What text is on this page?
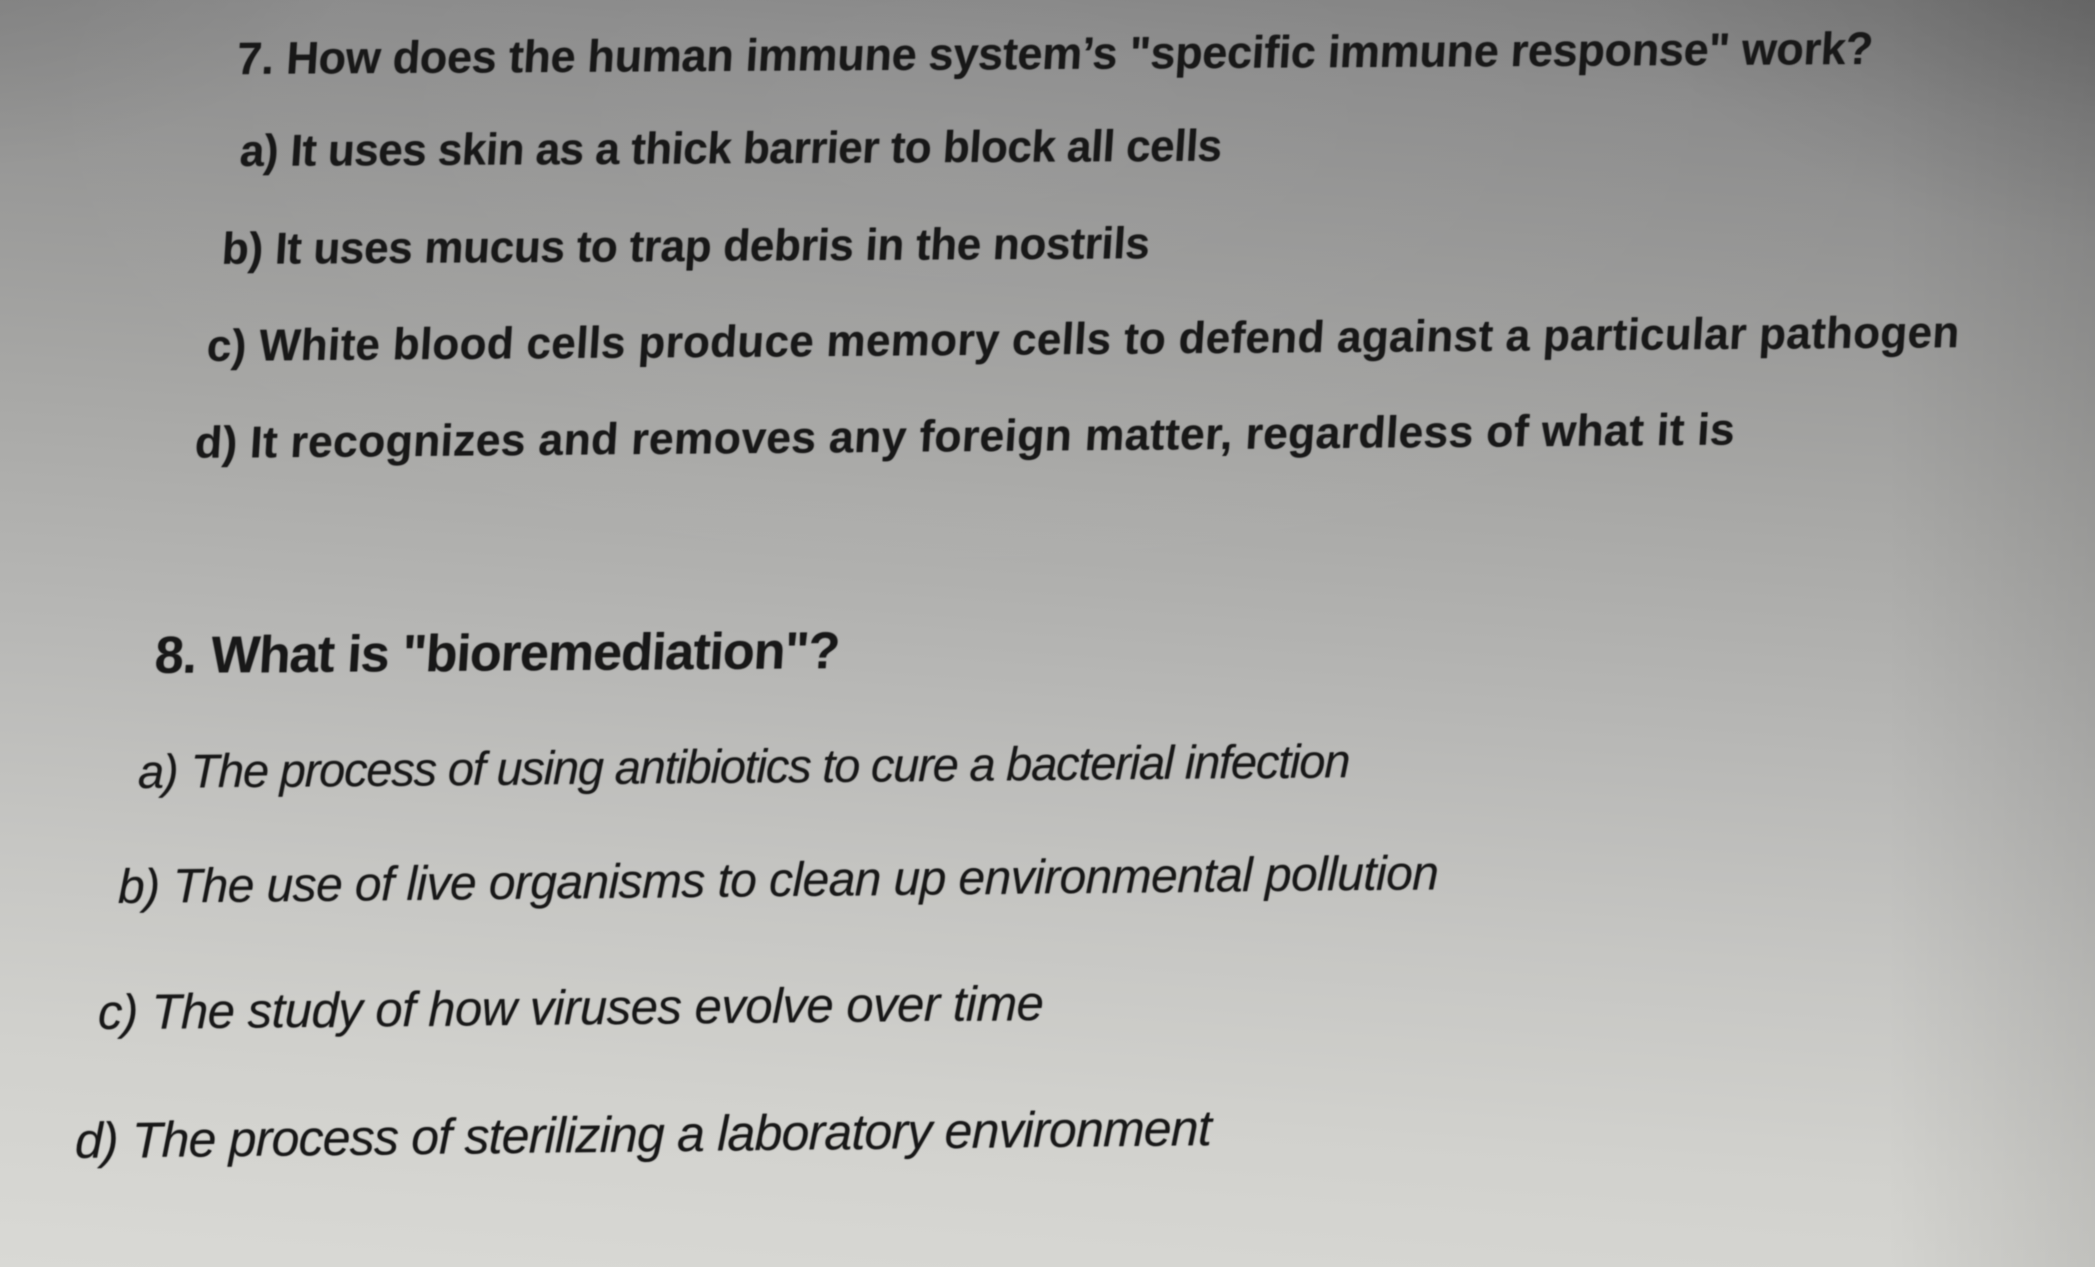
7. How does the human immune system’s "specific immune response" work?
a) It uses skin as a thick barrier to block all cells
b) It uses mucus to trap debris in the nostrils
c) White blood cells produce memory cells to defend against a particular pathogen
d) It recognizes and removes any foreign matter, regardless of what it is
8. What is "bioremediation"?
a) The process of using antibiotics to cure a bacterial infection
b) The use of live organisms to clean up environmental pollution
c) The study of how viruses evolve over time
d) The process of sterilizing a laboratory environment
